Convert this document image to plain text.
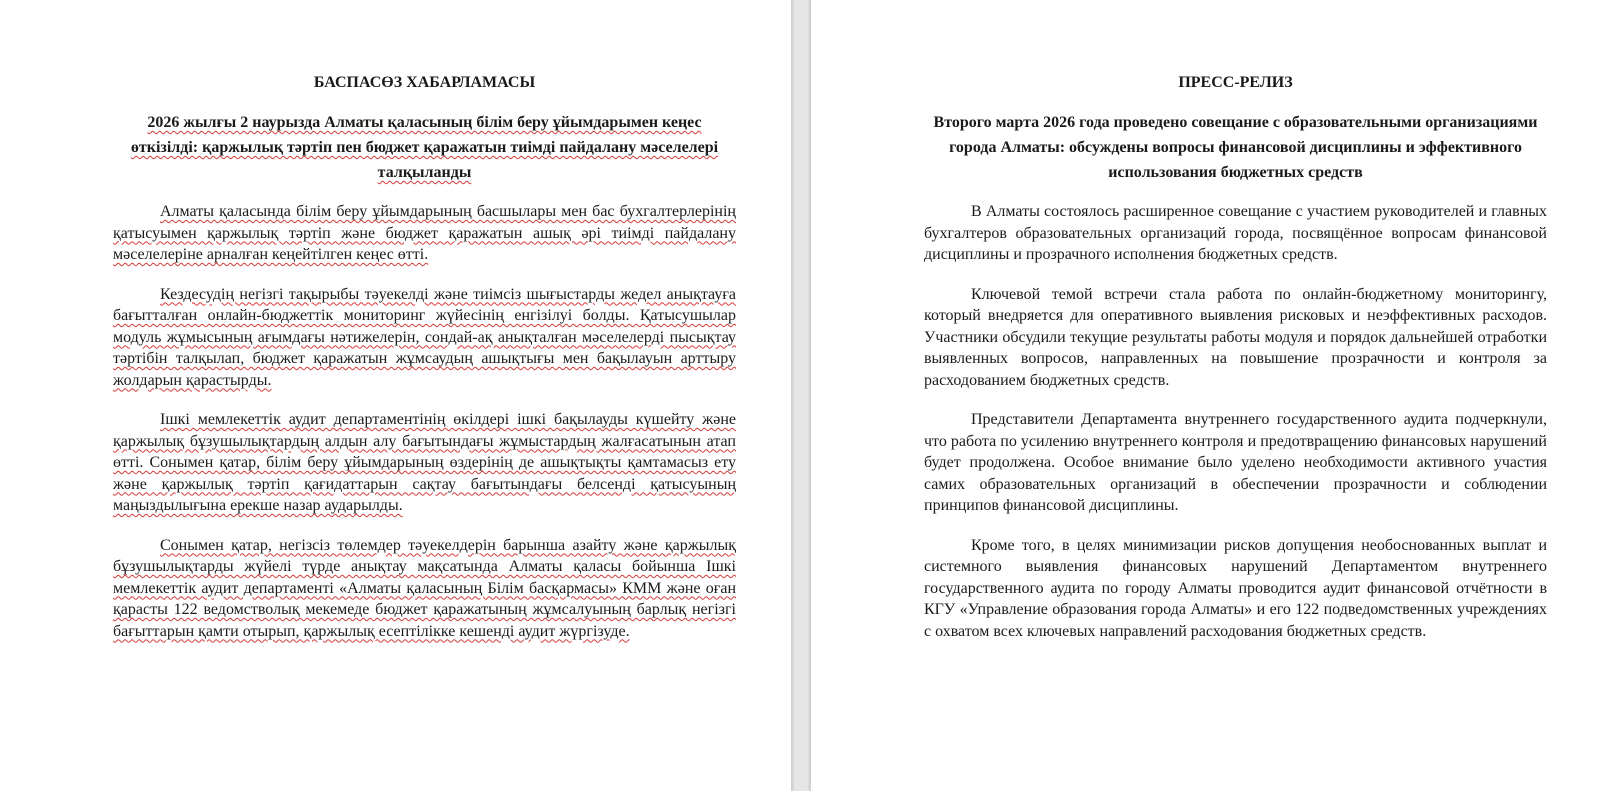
БАСПАСӨЗ ХАБАРЛАМАСЫ
2026 жылғы 2 наурызда Алматы қаласының білім беру ұйымдарымен кеңес өткізілді: қаржылық тәртіп пен бюджет қаражатын тиімді пайдалану мәселелері талқыланды

Алматы қаласында білім беру ұйымдарының басшылары мен бас бухгалтерлерінің қатысуымен қаржылық тәртіп және бюджет қаражатын ашық әрі тиімді пайдалану мәселелеріне арналған кеңейтілген кеңес өтті.

Кездесудің негізгі тақырыбы тәуекелді және тиімсіз шығыстарды жедел анықтауға бағытталған онлайн-бюджеттік мониторинг жүйесінің енгізілуі болды. Қатысушылар модуль жұмысының ағымдағы нәтижелерін, сондай-ақ анықталған мәселелерді пысықтау тәртібін талқылап, бюджет қаражатын жұмсаудың ашықтығы мен бақылауын арттыру жолдарын қарастырды.

Ішкі мемлекеттік аудит департаментінің өкілдері ішкі бақылауды күшейту және қаржылық бұзушылықтардың алдын алу бағытындағы жұмыстардың жалғасатынын атап өтті. Сонымен қатар, білім беру ұйымдарының өздерінің де ашықтықты қамтамасыз ету және қаржылық тәртіп қағидаттарын сақтау бағытындағы белсенді қатысуының маңыздылығына ерекше назар аударылды.

Сонымен қатар, негізсіз төлемдер тәуекелдерін барынша азайту және қаржылық бұзушылықтарды жүйелі түрде анықтау мақсатында Алматы қаласы бойынша Ішкі мемлекеттік аудит департаменті «Алматы қаласының Білім басқармасы» КММ және оған қарасты 122 ведомстволық мекемеде бюджет қаражатының жұмсалуының барлық негізгі бағыттарын қамти отырып, қаржылық есептілікке кешенді аудит жүргізуде.

ПРЕСС-РЕЛИЗ
Второго марта 2026 года проведено совещание с образовательными организациями города Алматы: обсуждены вопросы финансовой дисциплины и эффективного использования бюджетных средств

В Алматы состоялось расширенное совещание с участием руководителей и главных бухгалтеров образовательных организаций города, посвящённое вопросам финансовой дисциплины и прозрачного исполнения бюджетных средств.

Ключевой темой встречи стала работа по онлайн-бюджетному мониторингу, который внедряется для оперативного выявления рисковых и неэффективных расходов. Участники обсудили текущие результаты работы модуля и порядок дальнейшей отработки выявленных вопросов, направленных на повышение прозрачности и контроля за расходованием бюджетных средств.

Представители Департамента внутреннего государственного аудита подчеркнули, что работа по усилению внутреннего контроля и предотвращению финансовых нарушений будет продолжена. Особое внимание было уделено необходимости активного участия самих образовательных организаций в обеспечении прозрачности и соблюдении принципов финансовой дисциплины.

Кроме того, в целях минимизации рисков допущения необоснованных выплат и системного выявления финансовых нарушений Департаментом внутреннего государственного аудита по городу Алматы проводится аудит финансовой отчётности в КГУ «Управление образования города Алматы» и его 122 подведомственных учреждениях с охватом всех ключевых направлений расходования бюджетных средств.
